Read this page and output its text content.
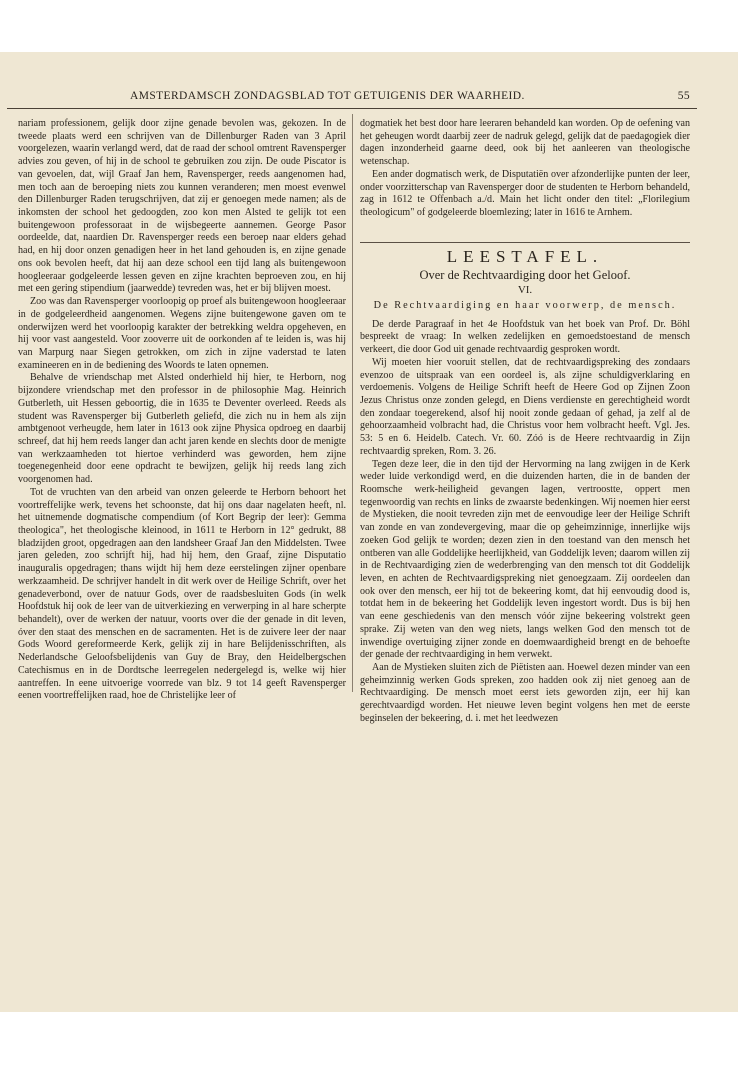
AMSTERDAMSCH ZONDAGSBLAD TOT GETUIGENIS DER WAARHEID.	55

nariam professionem, gelijk door zijne genade bevolen was, gekozen. In de tweede plaats werd een schrijven van de Dillenburger Raden van 3 April voorgelezen, waarin verlangd werd, dat de raad der school omtrent Ravensperger advies zou geven, of hij in de school te gebruiken zou zijn. De oude Piscator is van gevoelen, dat, wijl Graaf Jan hem, Ravensperger, reeds aangenomen had, men toch aan de beroeping niets zou kunnen veranderen; men moest evenwel den Dillenburger Raden terugschrijven, dat zij er genoegen mede namen; als de inkomsten der school het gedoogden, zoo kon men Alsted te gelijk tot een buitengewoon professoraat in de wijsbegeerte aannemen. George Pasor oordeelde, dat, naardien Dr. Ravensperger reeds een beroep naar elders gehad had, en hij door onzen genadigen heer in het land gehouden is, en zijne genade ons ook bevolen heeft, dat hij aan deze school een tijd lang als buitengewoon hoogleeraar godgeleerde lessen geven en zijne krachten beproeven zou, en hij met een gering stipendium (jaarwedde) tevreden was, het er bij blijven moest.

Zoo was dan Ravensperger voorloopig op proef als buitengewoon hoogleeraar in de godgeleerdheid aangenomen. Wegens zijne buitengewone gaven om te onderwijzen werd het voorloopig karakter der betrekking weldra opgeheven, en hij voor vast aangesteld. Voor zooverre uit de oorkonden af te leiden is, was hij van Marpurg naar Siegen getrokken, om zich in zijne vaderstad te laten examineeren en in de bediening des Woords te laten opnemen.

Behalve de vriendschap met Alsted onderhield hij hier, te Herborn, nog bijzondere vriendschap met den professor in de philosophie Mag. Heinrich Gutberleth, uit Hessen geboortig, die in 1635 te Deventer overleed. Reeds als student was Ravensperger bij Gutberleth geliefd, die zich nu in hem als zijn ambtgenoot verheugde, hem later in 1613 ook zijne Physica opdroeg en daarbij schreef, dat hij hem reeds langer dan acht jaren kende en slechts door de menigte van werkzaamheden tot hiertoe verhinderd was geworden, hem zijne toegenegenheid door eene opdracht te bewijzen, gelijk hij reeds lang zich voorgenomen had.

Tot de vruchten van den arbeid van onzen geleerde te Herborn behoort het voortreffelijke werk, tevens het schoonste, dat hij ons daar nagelaten heeft, nl. het uitnemende dogmatische compendium (of Kort Begrip der leer): Gemma theologica", het theologische kleinood, in 1611 te Herborn in 12° gedrukt, 88 bladzijden groot, opgedragen aan den landsheer Graaf Jan den Middelsten. Twee jaren geleden, zoo schrijft hij, had hij hem, den Graaf, zijne Disputatio inauguralis opgedragen; thans wijdt hij hem deze eerstelingen zijner openbare werkzaamheid. De schrijver handelt in dit werk over de Heilige Schrift, over het genadeverbond, over de natuur Gods, over de raadsbesluiten Gods (in welk Hoofdstuk hij ook de leer van de uitverkiezing en verwerping in al hare scherpte behandelt), over de werken der natuur, voorts over die der genade in dit leven, óver den staat des menschen en de sacramenten. Het is de zuivere leer der naar Gods Woord gereformeerde Kerk, gelijk zij in hare Belijdenisschriften, als Nederlandsche Geloofsbelijdenis van Guy de Bray, den Heidelbergschen Catechismus en in de Dordtsche leerregelen nedergelegd is, welke wij hier aantreffen. In eene uitvoerige voorrede van blz. 9 tot 14 geeft Ravensperger eenen voortreffelijken raad, hoe de Christelijke leer of

dogmatiek het best door hare leeraren behandeld kan worden. Op de oefening van het geheugen wordt daarbij zeer de nadruk gelegd, gelijk dat de paedagogiek dier dagen inzonderheid gaarne deed, ook bij het aanleeren van theologische wetenschap.

Een ander dogmatisch werk, de Disputatiën over afzonderlijke punten der leer, onder voorzitterschap van Ravensperger door de studenten te Herborn behandeld, zag in 1612 te Offenbach a./d. Main het licht onder den titel: „Florilegium theologicum" of godgeleerde bloemlezing; later in 1616 te Arnhem.

LEESTAFEL.
Over de Rechtvaardiging door het Geloof.
VI.
De Rechtvaardiging en haar voorwerp, de mensch.

De derde Paragraaf in het 4e Hoofdstuk van het boek van Prof. Dr. Böhl bespreekt de vraag: In welken zedelijken en gemoedstoestand de mensch verkeert, die door God uit genade rechtvaardig gesproken wordt.

Wij moeten hier vooruit stellen, dat de rechtvaardigspreking des zondaars evenzoo de uitspraak van een oordeel is, als zijne schuldigverklaring en verdoemenis. Volgens de Heilige Schrift heeft de Heere God op Zijnen Zoon Jezus Christus onze zonden gelegd, en Diens verdienste en gerechtigheid wordt den zondaar toegerekend, alsof hij nooit zonde gedaan of gehad, ja zelf al de gehoorzaamheid volbracht had, die Christus voor hem volbracht heeft. Vgl. Jes. 53: 5 en 6. Heidelb. Catech. Vr. 60. Zóó is de Heere rechtvaardig in Zijn rechtvaardig spreken, Rom. 3. 26.

Tegen deze leer, die in den tijd der Hervorming na lang zwijgen in de Kerk weder luide verkondigd werd, en die duizenden harten, die in de banden der Roomsche werk-heiligheid gevangen lagen, vertroostte, oppert men tegenwoordig van rechts en links de zwaarste bedenkingen. Wij noemen hier eerst de Mystieken, die nooit tevreden zijn met de eenvoudige leer der Heilige Schrift van zonde en van zondevergeving, maar die op geheimzinnige, innerlijke wijs zoeken God gelijk te worden; dezen zien in den toestand van den mensch het ontberen van alle Goddelijke heerlijkheid, van Goddelijk leven; daarom willen zij in de Rechtvaardiging zien de wederbrenging van den mensch tot dit Goddelijk leven, en achten de Rechtvaardigspreking niet genoegzaam. Zij oordeelen dan ook over den mensch, eer hij tot de bekeering komt, dat hij eenvoudig dood is, totdat hem in de bekeering het Goddelijk leven ingestort wordt. Dus is bij hen van eene geschiedenis van den mensch vóór zijne bekeering volstrekt geen sprake. Zij weten van den weg niets, langs welken God den mensch tot de inwendige overtuiging zijner zonde en doemwaardigheid brengt en de behoefte der genade der rechtvaardiging in hem verwekt.

Aan de Mystieken sluiten zich de Piëtisten aan. Hoewel dezen minder van een geheimzinnig werken Gods spreken, zoo hadden ook zij niet genoeg aan de Rechtvaardiging. De mensch moet eerst iets geworden zijn, eer hij kan gerechtvaardigd worden. Het nieuwe leven begint volgens hen met de eerste beginselen der bekeering, d. i. met het leedwezen
